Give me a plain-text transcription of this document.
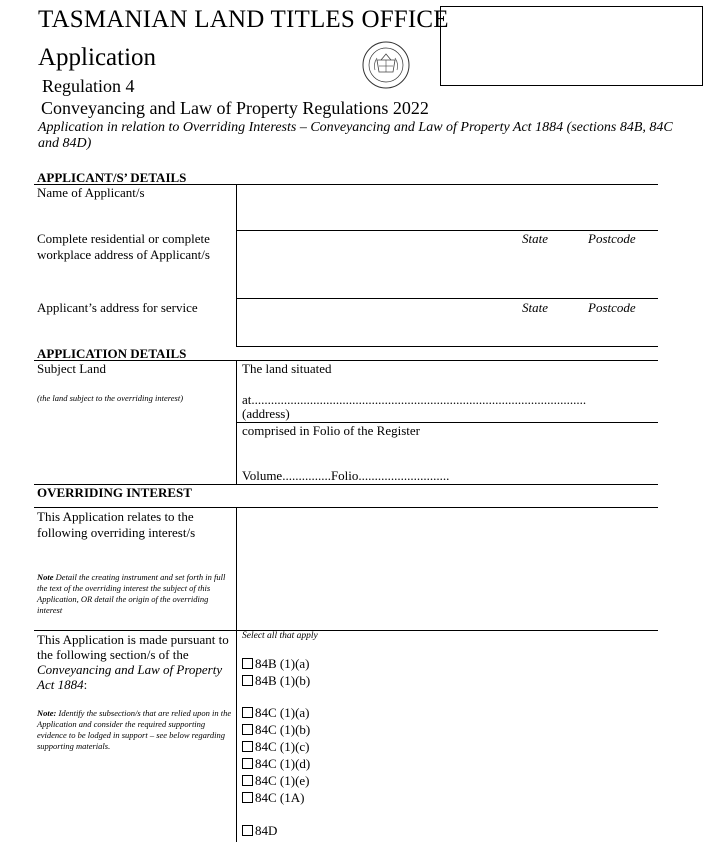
TASMANIAN LAND TITLES OFFICE
Application
Regulation 4
Conveyancing and Law of Property Regulations 2022
Application in relation to Overriding Interests – Conveyancing and Law of Property Act 1884 (sections 84B, 84C and 84D)
APPLICANT/S’ DETAILS
Name of Applicant/s
Complete residential or complete workplace address of Applicant/s
State	Postcode
Applicant’s address for service	State	Postcode
APPLICATION DETAILS
Subject Land
(the land subject to the overriding interest)
The land situated
at.......................................................................................................
(address)
comprised in Folio of the Register
Volume...............Folio............................
OVERRIDING INTEREST
This Application relates to the following overriding interest/s
Note Detail the creating instrument and set forth in full the text of the overriding interest the subject of this Application, OR detail the origin of the overriding interest
This Application is made pursuant to the following section/s of the Conveyancing and Law of Property Act 1884:
Note: Identify the subsection/s that are relied upon in the Application and consider the required supporting evidence to be lodged in support – see below regarding supporting materials.
Select all that apply
84B (1)(a)
84B (1)(b)
84C (1)(a)
84C (1)(b)
84C (1)(c)
84C (1)(d)
84C (1)(e)
84C (1A)
84D
